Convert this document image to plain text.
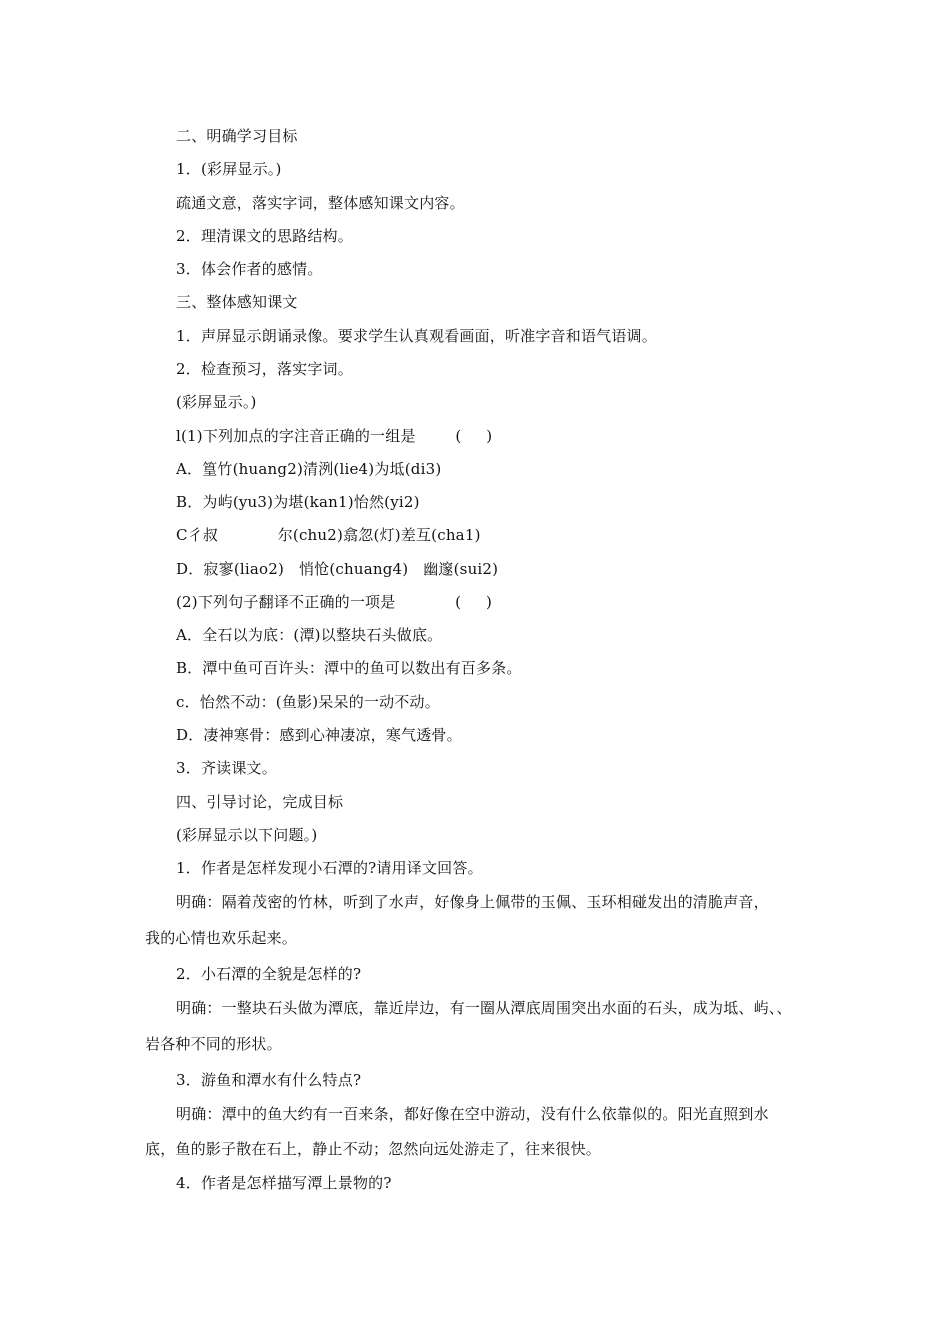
二、明确学习目标
1．(彩屏显示。)
疏通文意，落实字词，整体感知课文内容。
2．理清课文的思路结构。
3．体会作者的感情。
三、整体感知课文
1．声屏显示朗诵录像。要求学生认真观看画面，听准字音和语气语调。
2．检查预习，落实字词。
(彩屏显示。)
l(1)下列加点的字注音正确的一组是        (     )
A．篁竹(huang2)清洌(lie4)为坻(di3)
B．为屿(yu3)为堪(kan1)怡然(yi2)
C彳叔            尔(chu2)翕忽(灯)差互(cha1)
D．寂寥(liao2)   悄怆(chuang4)   幽邃(sui2)
(2)下列句子翻译不正确的一项是            (     )
A．全石以为底：(潭)以整块石头做底。
B．潭中鱼可百许头：潭中的鱼可以数出有百多条。
c．怡然不动：(鱼影)呆呆的一动不动。
D．凄神寒骨：感到心神凄凉，寒气透骨。
3．齐读课文。
四、引导讨论，完成目标
(彩屏显示以下问题。)
1．作者是怎样发现小石潭的?请用译文回答。
明确：隔着茂密的竹林，听到了水声，好像身上佩带的玉佩、玉环相碰发出的清脆声音，
我的心情也欢乐起来。
2．小石潭的全貌是怎样的?
明确：一整块石头做为潭底，靠近岸边，有一圈从潭底周围突出水面的石头，成为坻、屿、、
岩各种不同的形状。
3．游鱼和潭水有什么特点?
明确：潭中的鱼大约有一百来条，都好像在空中游动，没有什么依靠似的。阳光直照到水
底，鱼的影子散在石上，静止不动；忽然向远处游走了，往来很快。
4．作者是怎样描写潭上景物的?
